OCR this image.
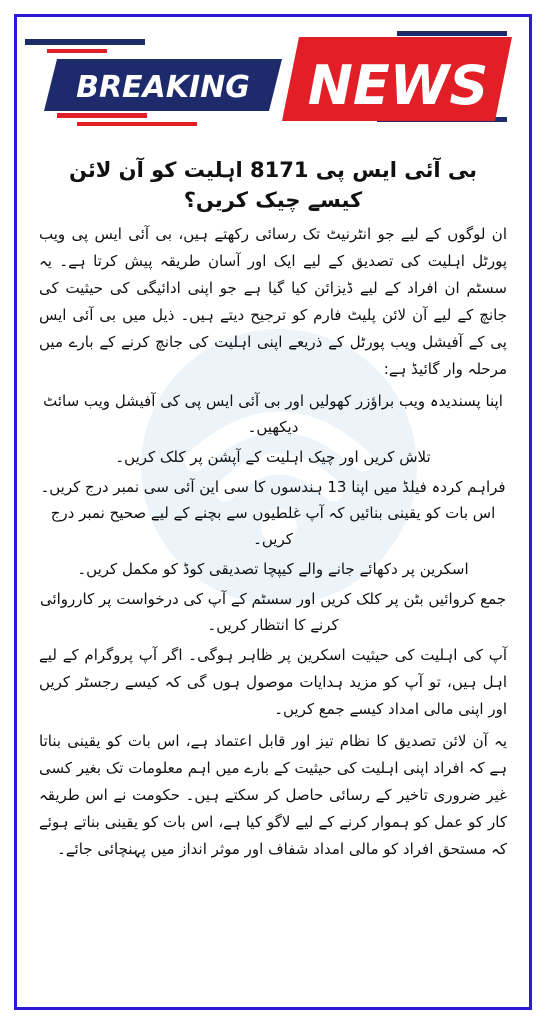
BREAKING NEWS
بی آئی ایس پی 8171 اہلیت کو آن لائن کیسے چیک کریں؟

ان لوگوں کے لیے جو انٹرنیٹ تک رسائی رکھتے ہیں، بی آئی ایس پی ویب پورٹل اہلیت کی تصدیق کے لیے ایک اور آسان طریقہ پیش کرتا ہے۔ یہ سسٹم ان افراد کے لیے ڈیزائن کیا گیا ہے جو اپنی ادائیگی کی حیثیت کی جانچ کے لیے آن لائن پلیٹ فارم کو ترجیح دیتے ہیں۔ ذیل میں بی آئی ایس پی کے آفیشل ویب پورٹل کے ذریعے اپنی اہلیت کی جانچ کرنے کے بارے میں مرحلہ وار گائیڈ ہے:

اپنا پسندیدہ ویب براؤزر کھولیں اور بی آئی ایس پی کی آفیشل ویب سائٹ دیکھیں۔

تلاش کریں اور چیک اہلیت کے آپشن پر کلک کریں۔

فراہم کردہ فیلڈ میں اپنا 13 ہندسوں کا سی این آئی سی نمبر درج کریں۔ اس بات کو یقینی بنائیں کہ آپ غلطیوں سے بچنے کے لیے صحیح نمبر درج کریں۔

اسکرین پر دکھائے جانے والے کیپچا تصدیقی کوڈ کو مکمل کریں۔

جمع کروائیں بٹن پر کلک کریں اور سسٹم کے آپ کی درخواست پر کارروائی کرنے کا انتظار کریں۔

آپ کی اہلیت کی حیثیت اسکرین پر ظاہر ہوگی۔ اگر آپ پروگرام کے لیے اہل ہیں، تو آپ کو مزید ہدایات موصول ہوں گی کہ کیسے رجسٹر کریں اور اپنی مالی امداد کیسے جمع کریں۔

یہ آن لائن تصدیق کا نظام تیز اور قابل اعتماد ہے، اس بات کو یقینی بناتا ہے کہ افراد اپنی اہلیت کی حیثیت کے بارے میں اہم معلومات تک بغیر کسی غیر ضروری تاخیر کے رسائی حاصل کر سکتے ہیں۔ حکومت نے اس طریقہ کار کو عمل کو ہموار کرنے کے لیے لاگو کیا ہے، اس بات کو یقینی بناتے ہوئے کہ مستحق افراد کو مالی امداد شفاف اور موثر انداز میں پہنچائی جائے۔
